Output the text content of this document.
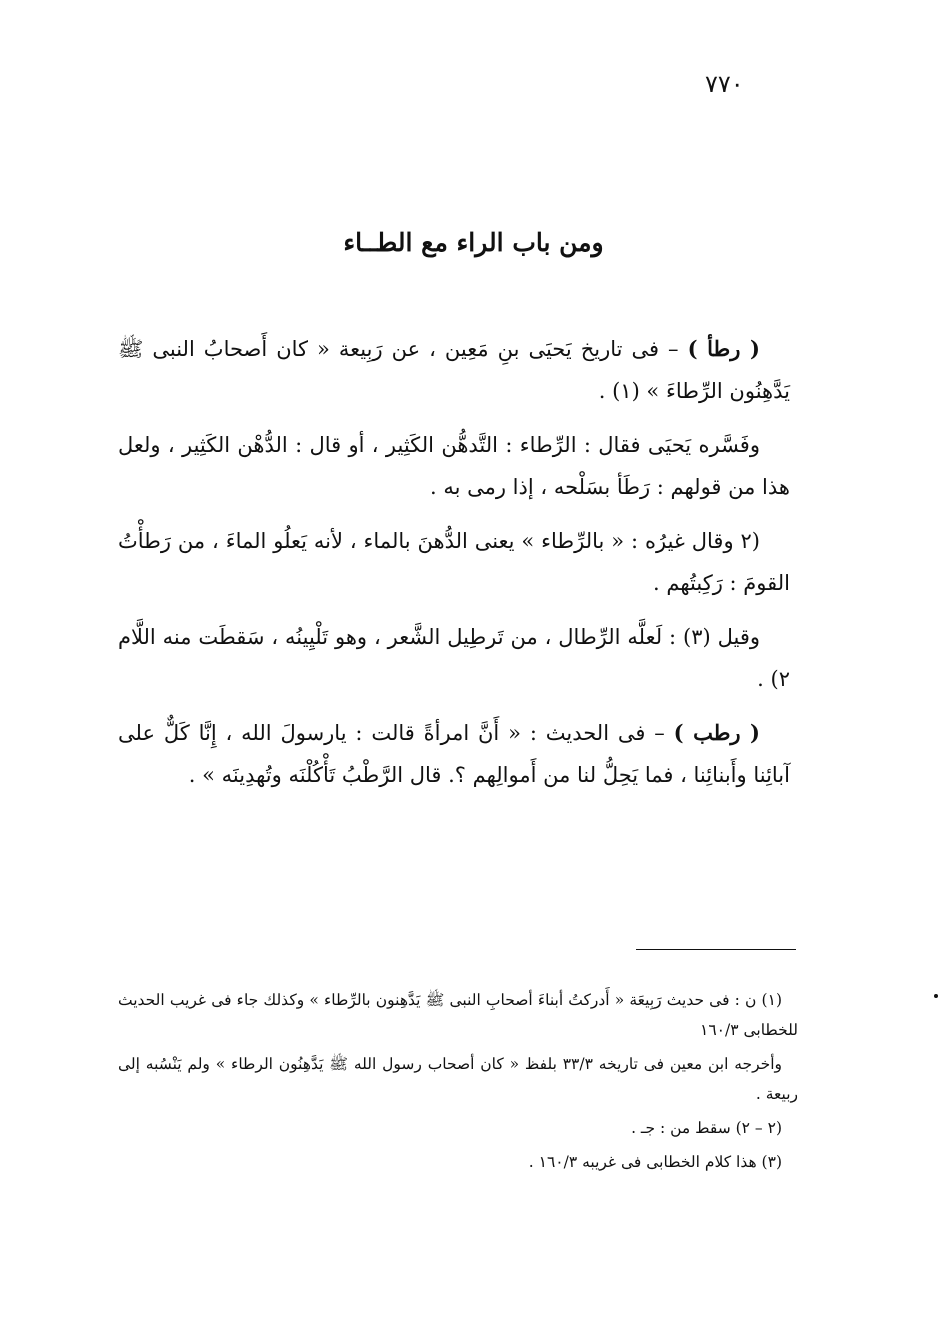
٧٧٠
ومن باب الراء مع الطــاء

( رطأ ) – فى تاريخ يَحيَى بنِ مَعِين ، عن رَبِيعة « كان أَصحابُ النبى ﷺ يَدَّهِنُون الرِّطاءَ » (١) .

وفَسَّره يَحيَى فقال : الرِّطاء : التَّدهُّن الكَثِير ، أو قال : الدُّهْن الكَثِير ، ولعل هذا من قولهم : رَطَأ بسَلْحه ، إذا رمى به .

(٢ وقال غيرُه : « بالرِّطاء » يعنى الدُّهنَ بالماء ، لأنه يَعلُو الماءَ ، من رَطأْتُ القومَ : رَكِبتُهم .

وقيل (٣) : لَعلَّه الرِّطال ، من تَرطِيل الشَّعر ، وهو تَلْيِينُه ، سَقطَت منه اللَّام ٢) .

( رطب ) – فى الحديث : « أَنَّ امرأةً قالت : يارسولَ الله ، إِنَّا كَلٌّ على آبائِنا وأَبنائِنا ، فما يَحِلُّ لنا من أَموالِهم ؟. قال الرَّطْبُ تَأْكُلْنَه وتُهدِينَه » .

(١) ن : فى حديث رَبِيعَة « أَدركتُ أبناءَ أصحابِ النبى ﷺ يَدَّهِنون بالرِّطاء » وكذلك جاء فى غريب الحديث للخطابى ١٦٠/٣

وأخرجه ابن معين فى تاريخه ٣٣/٣ بلفظ « كان أصحاب رسول الله ﷺ يَدَّهِنُون الرطاء » ولم يَنْسُبه إلى ربيعة .

(٢ – ٢) سقط من : جـ .

(٣) هذا كلام الخطابى فى غريبه ١٦٠/٣ .
